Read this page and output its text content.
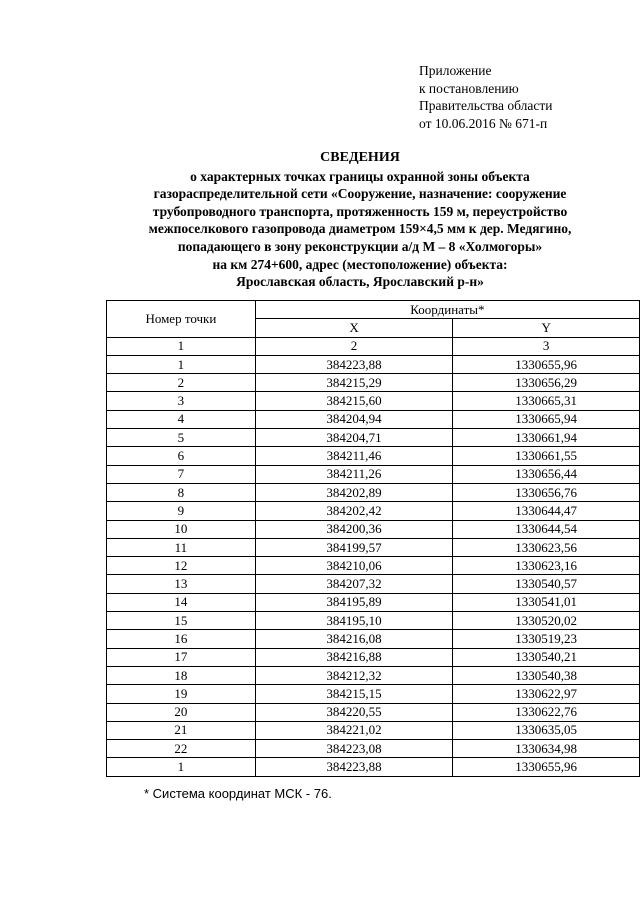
Приложение
к постановлению
Правительства области
от 10.06.2016 № 671-п
СВЕДЕНИЯ
о характерных точках границы охранной зоны объекта
газораспределительной сети «Сооружение, назначение: сооружение
трубопроводного транспорта, протяженность 159 м, переустройство
межпоселкового газопровода диаметром 159×4,5 мм к дер. Медягино,
попадающего в зону реконструкции а/д М – 8 «Холмогоры»
на км 274+600, адрес (местоположение) объекта:
Ярославская область, Ярославский р-н»
Номер точки	Координаты*	
	X	Y
1	2	3
1	384223,88	1330655,96
2	384215,29	1330656,29
3	384215,60	1330665,31
4	384204,94	1330665,94
5	384204,71	1330661,94
6	384211,46	1330661,55
7	384211,26	1330656,44
8	384202,89	1330656,76
9	384202,42	1330644,47
10	384200,36	1330644,54
11	384199,57	1330623,56
12	384210,06	1330623,16
13	384207,32	1330540,57
14	384195,89	1330541,01
15	384195,10	1330520,02
16	384216,08	1330519,23
17	384216,88	1330540,21
18	384212,32	1330540,38
19	384215,15	1330622,97
20	384220,55	1330622,76
21	384221,02	1330635,05
22	384223,08	1330634,98
1	384223,88	1330655,96
* Система координат МСК - 76.
